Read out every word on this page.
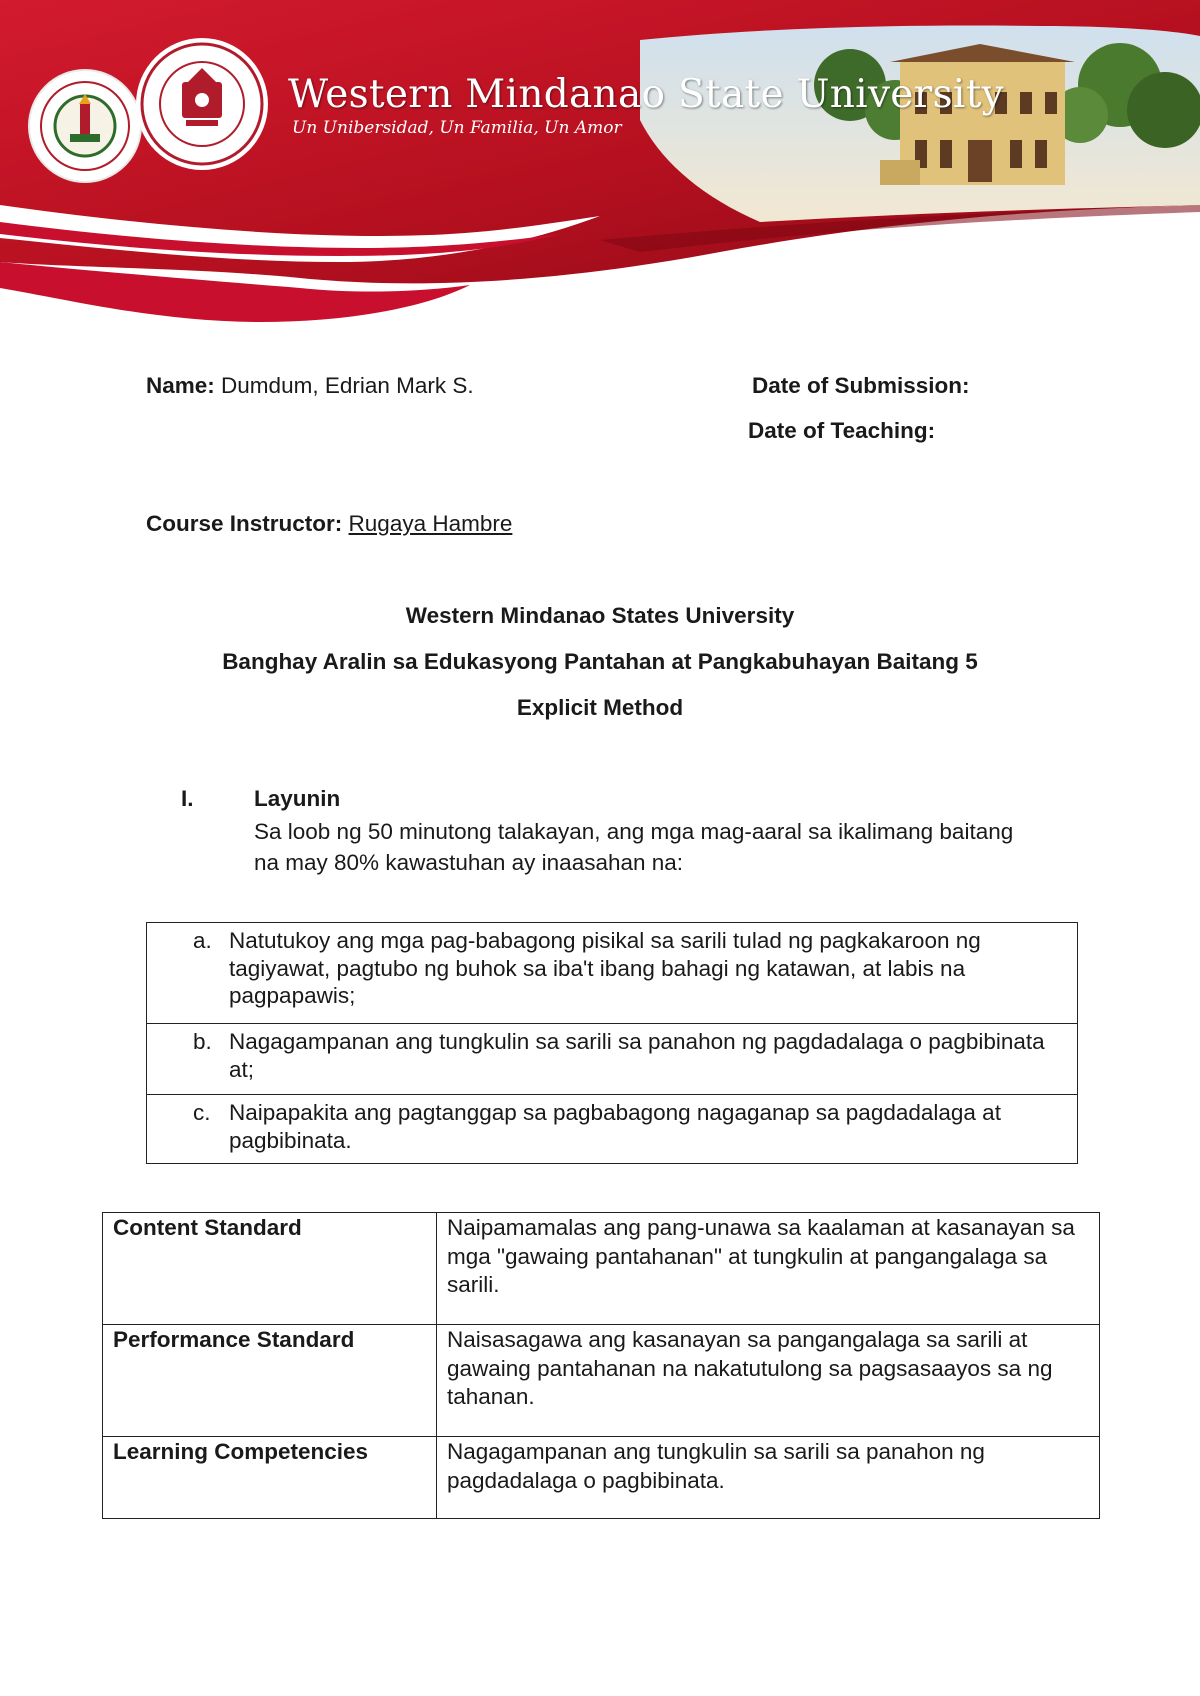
Western Mindanao State University
Un Unibersidad, Un Familia, Un Amor
Name: Dumdum, Edrian Mark S.	Date of Submission:
Date of Teaching:
Course Instructor: Rugaya Hambre
Western Mindanao States University
Banghay Aralin sa Edukasyong Pantahan at Pangkabuhayan Baitang 5
Explicit Method
I.	Layunin
Sa loob ng 50 minutong talakayan, ang mga mag-aaral sa ikalimang baitang na may 80% kawastuhan ay inaasahan na:
a. Natutukoy ang mga pag-babagong pisikal sa sarili tulad ng pagkakaroon ng tagiyawat, pagtubo ng buhok sa iba't ibang bahagi ng katawan, at labis na pagpapawis;
b. Nagagampanan ang tungkulin sa sarili sa panahon ng pagdadalaga o pagbibinata at;
c. Naipapakita ang pagtanggap sa pagbabagong nagaganap sa pagdadalaga at pagbibinata.
Content Standard	Naipamamalas ang pang-unawa sa kaalaman at kasanayan sa mga "gawaing pantahanan" at tungkulin at pangangalaga sa sarili.
Performance Standard	Naisasagawa ang kasanayan sa pangangalaga sa sarili at gawaing pantahanan na nakatutulong sa pagsasaayos sa ng tahanan.
Learning Competencies	Nagagampanan ang tungkulin sa sarili sa panahon ng pagdadalaga o pagbibinata.
